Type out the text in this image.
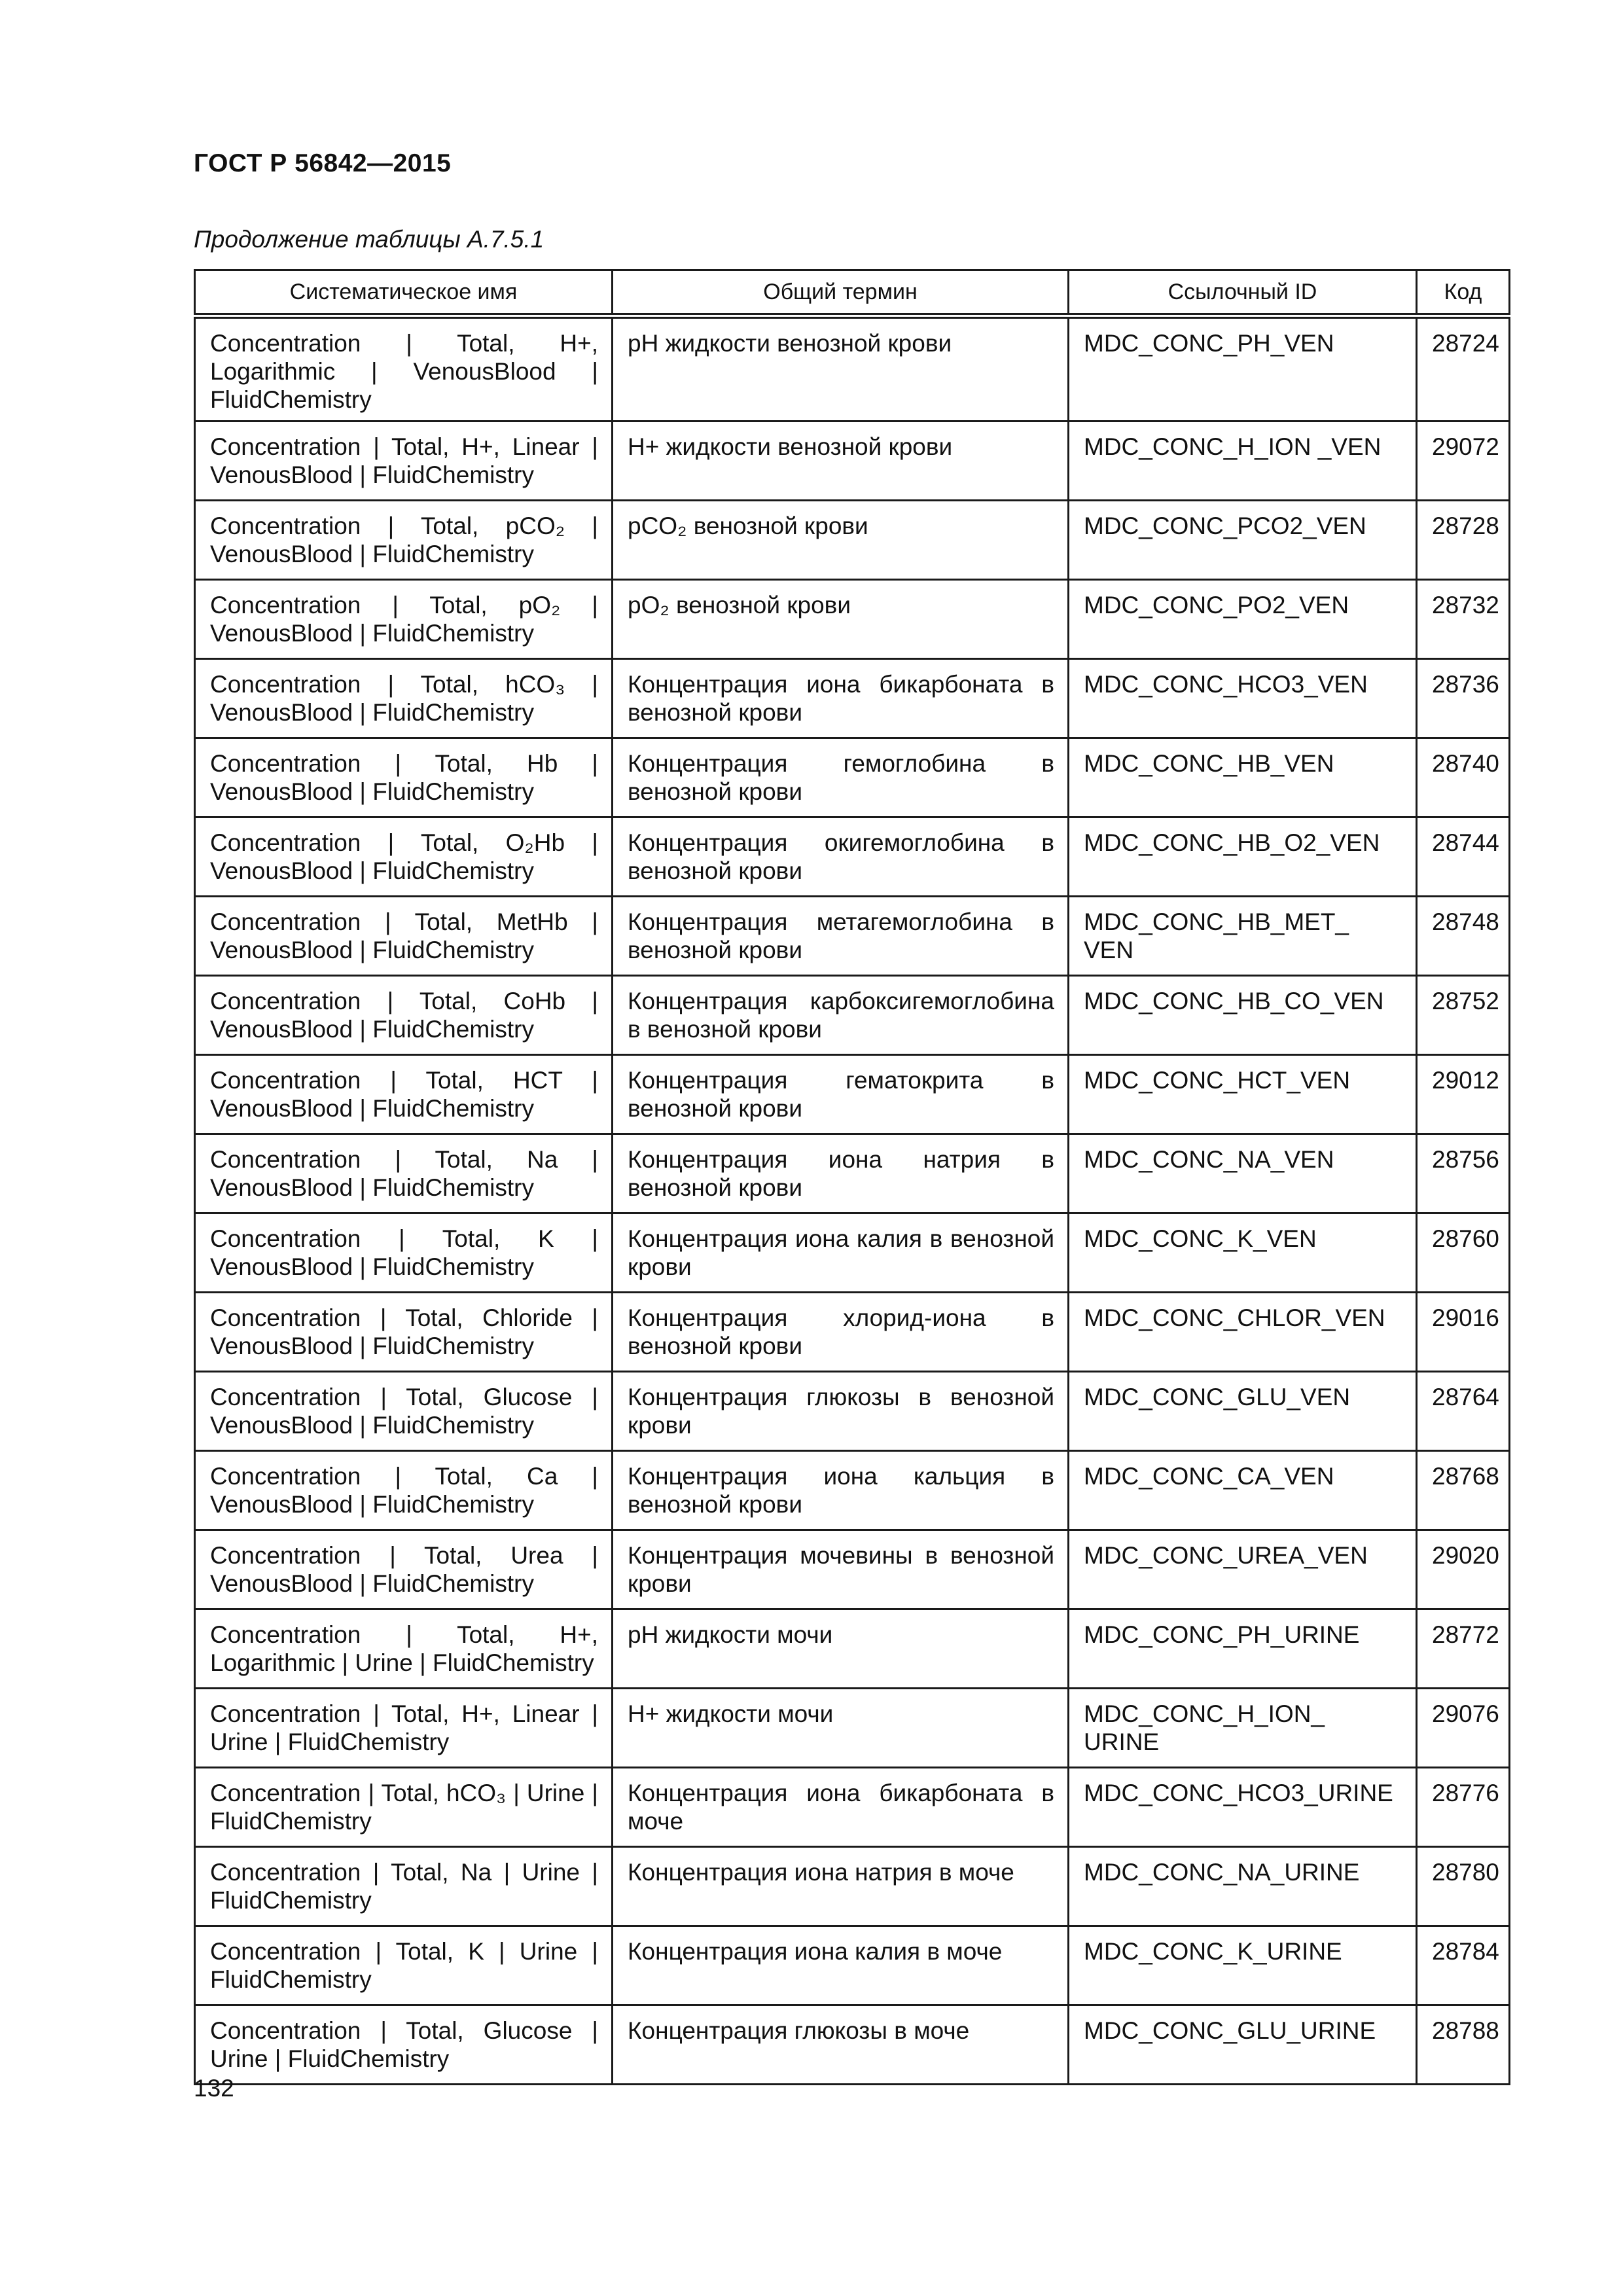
ГОСТ Р 56842—2015
Продолжение таблицы А.7.5.1
Систематическое имя	Общий термин	Ссылочный ID	Код
Concentration | Total, H+, Logarithmic | VenousBlood | FluidChemistry	pH жидкости венозной крови	MDC_CONC_PH_VEN	28724
Concentration | Total, H+, Linear | VenousBlood | FluidChemistry	H+ жидкости венозной крови	MDC_CONC_H_ION _VEN	29072
Concentration | Total, pCO₂ | VenousBlood | FluidChemistry	pCO₂ венозной крови	MDC_CONC_PCO2_VEN	28728
Concentration | Total, pO₂ | VenousBlood | FluidChemistry	pO₂ венозной крови	MDC_CONC_PO2_VEN	28732
Concentration | Total, hCO₃ | VenousBlood | FluidChemistry	Концентрация иона бикарбоната в венозной крови	MDC_CONC_HCO3_VEN	28736
Concentration | Total, Hb | VenousBlood | FluidChemistry	Концентрация гемоглобина в венозной крови	MDC_CONC_HB_VEN	28740
Concentration | Total, O₂Hb | VenousBlood | FluidChemistry	Концентрация окигемоглобина в венозной крови	MDC_CONC_HB_O2_VEN	28744
Concentration | Total, MetHb | VenousBlood | FluidChemistry	Концентрация метагемоглобина в венозной крови	MDC_CONC_HB_MET_ VEN	28748
Concentration | Total, CoHb | VenousBlood | FluidChemistry	Концентрация карбоксигемоглобина в венозной крови	MDC_CONC_HB_CO_VEN	28752
Concentration | Total, HCT | VenousBlood | FluidChemistry	Концентрация гематокрита в венозной крови	MDC_CONC_HCT_VEN	29012
Concentration | Total, Na | VenousBlood | FluidChemistry	Концентрация иона натрия в венозной крови	MDC_CONC_NA_VEN	28756
Concentration | Total, K | VenousBlood | FluidChemistry	Концентрация иона калия в венозной крови	MDC_CONC_K_VEN	28760
Concentration | Total, Chloride | VenousBlood | FluidChemistry	Концентрация хлорид-иона в венозной крови	MDC_CONC_CHLOR_VEN	29016
Concentration | Total, Glucose | VenousBlood | FluidChemistry	Концентрация глюкозы в венозной крови	MDC_CONC_GLU_VEN	28764
Concentration | Total, Ca | VenousBlood | FluidChemistry	Концентрация иона кальция в венозной крови	MDC_CONC_CA_VEN	28768
Concentration | Total, Urea | VenousBlood | FluidChemistry	Концентрация мочевины в венозной крови	MDC_CONC_UREA_VEN	29020
Concentration | Total, H+, Logarithmic | Urine | FluidChemistry	pH жидкости мочи	MDC_CONC_PH_URINE	28772
Concentration | Total, H+, Linear | Urine | FluidChemistry	H+ жидкости мочи	MDC_CONC_H_ION_ URINE	29076
Concentration | Total, hCO₃ | Urine | FluidChemistry	Концентрация иона бикарбоната в моче	MDC_CONC_HCO3_URINE	28776
Concentration | Total, Na | Urine | FluidChemistry	Концентрация иона натрия в моче	MDC_CONC_NA_URINE	28780
Concentration | Total, K | Urine | FluidChemistry	Концентрация иона калия в моче	MDC_CONC_K_URINE	28784
Concentration | Total, Glucose | Urine | FluidChemistry	Концентрация глюкозы в моче	MDC_CONC_GLU_URINE	28788
132
